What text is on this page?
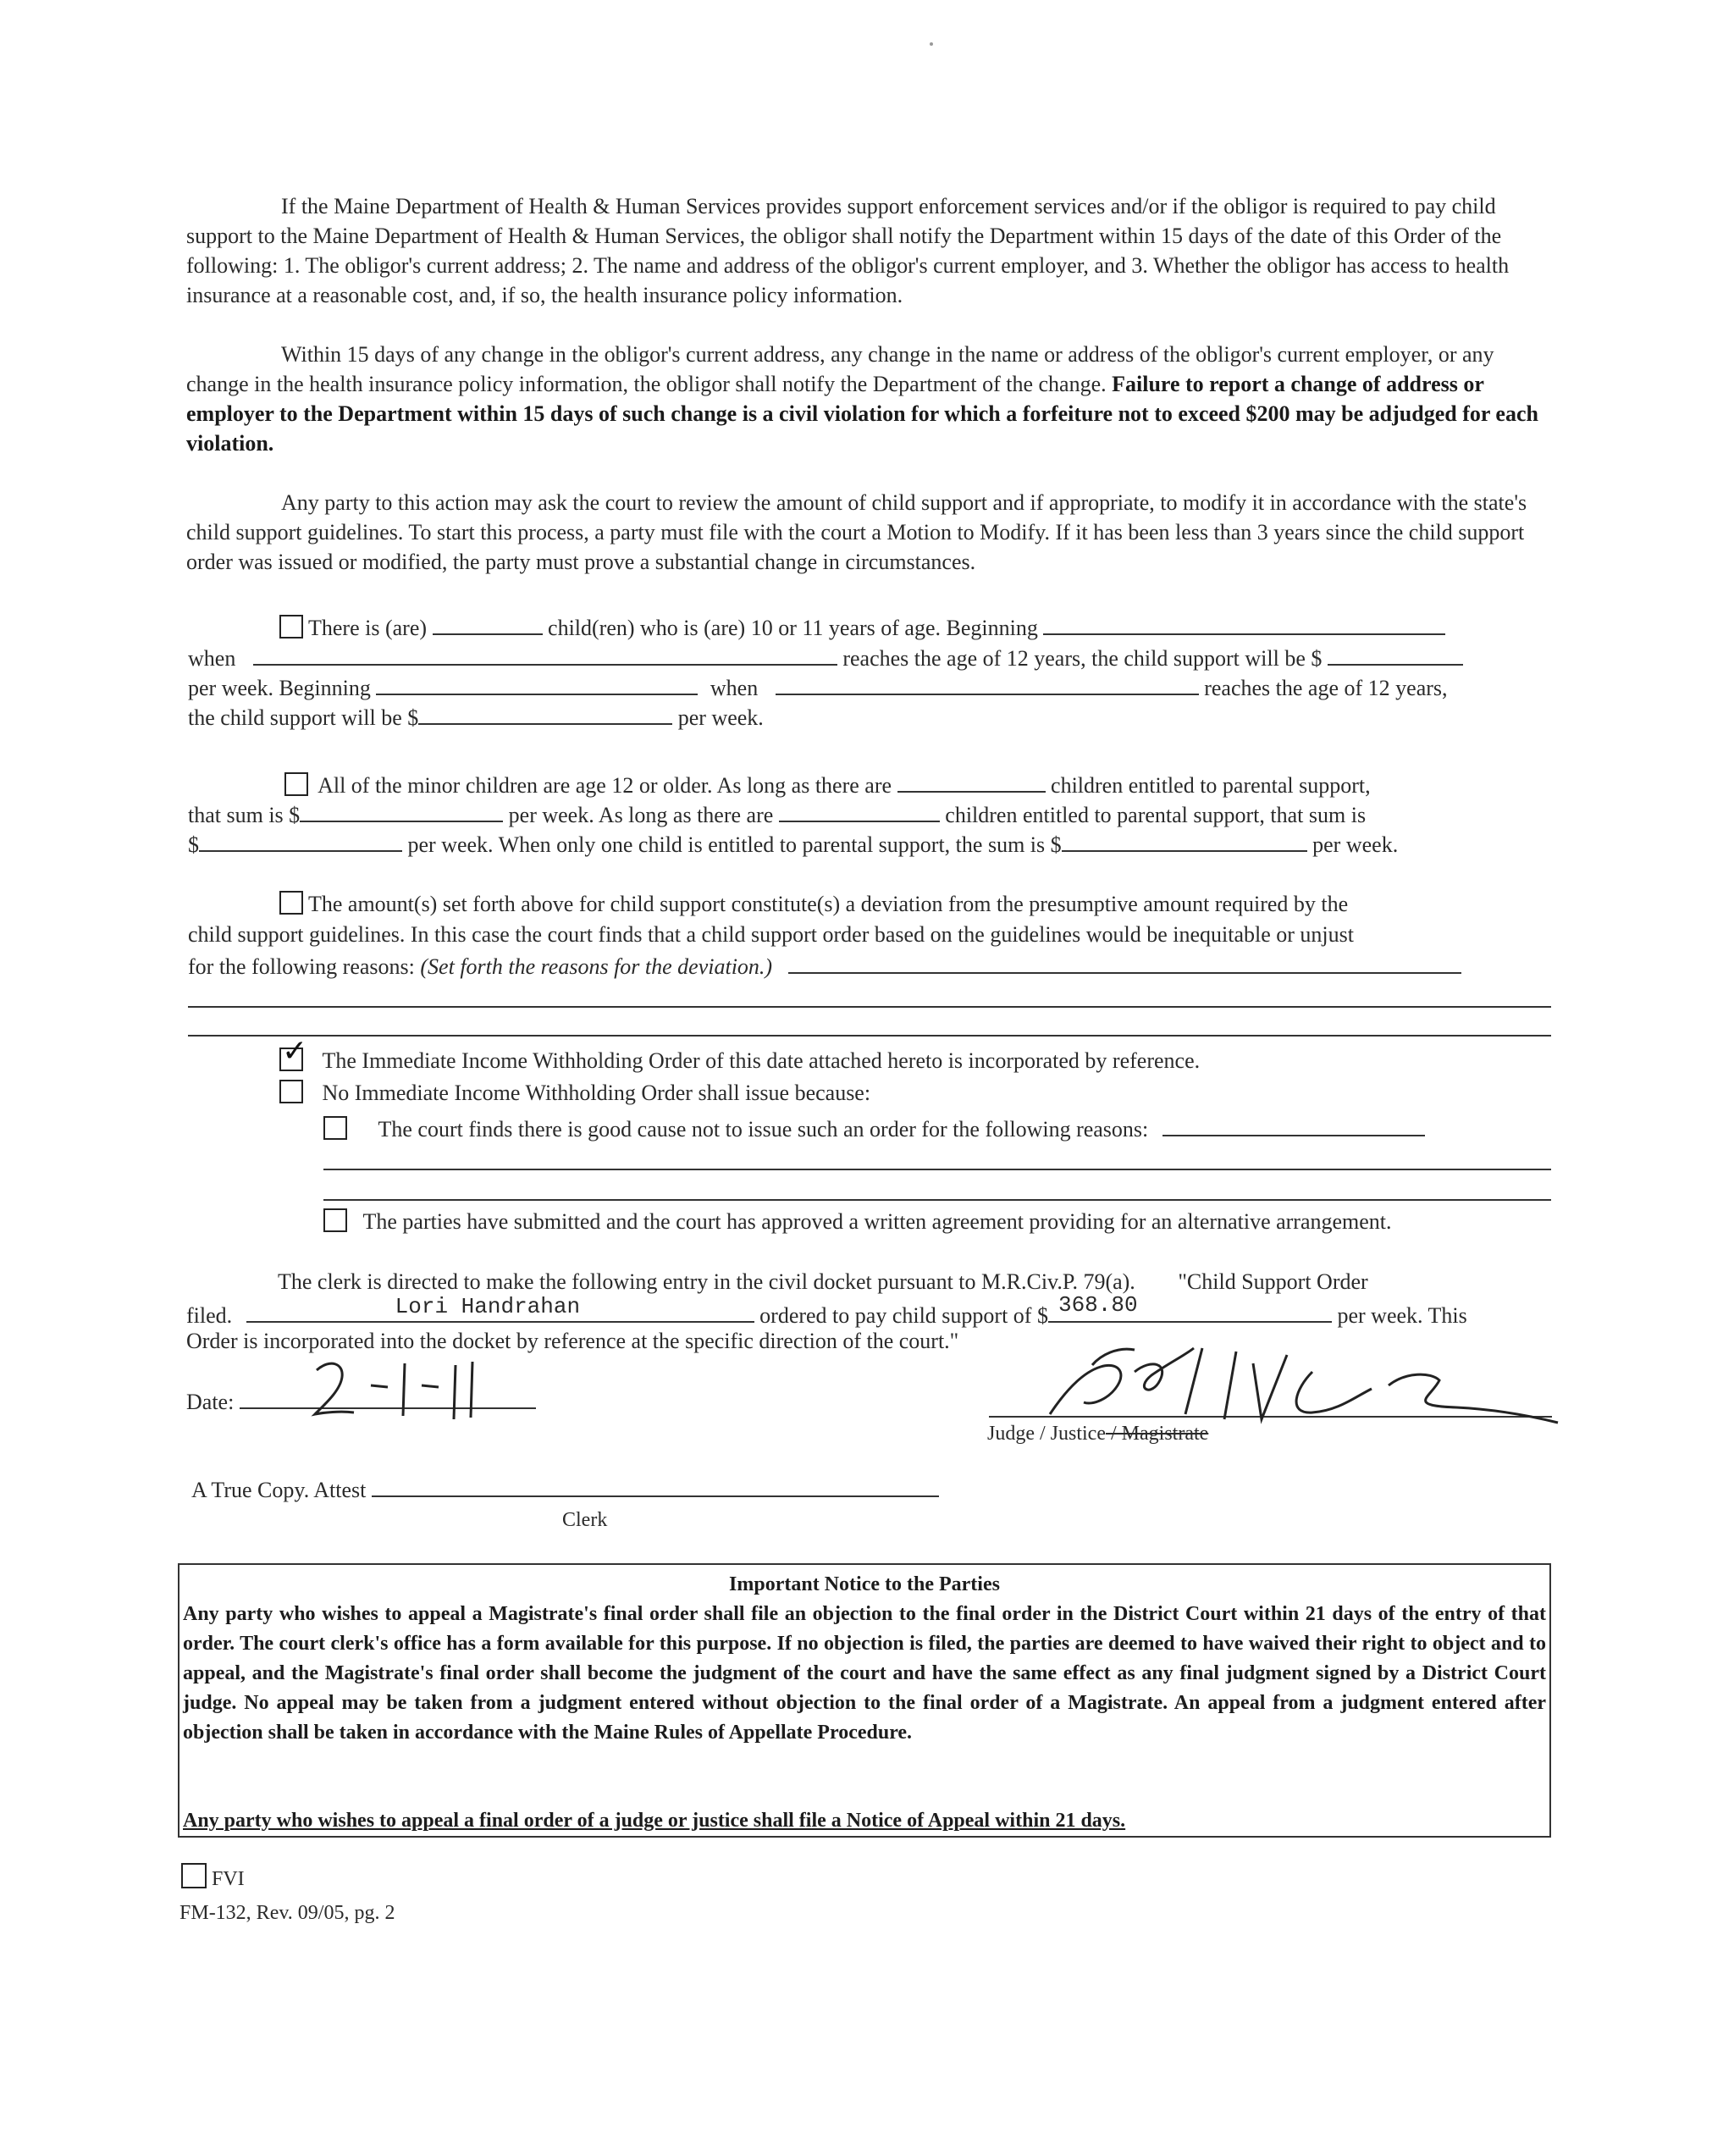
If the Maine Department of Health & Human Services provides support enforcement services and/or if the obligor is required to pay child support to the Maine Department of Health & Human Services, the obligor shall notify the Department within 15 days of the date of this Order of the following: 1. The obligor's current address; 2. The name and address of the obligor's current employer, and 3. Whether the obligor has access to health insurance at a reasonable cost, and, if so, the health insurance policy information.
Within 15 days of any change in the obligor's current address, any change in the name or address of the obligor's current employer, or any change in the health insurance policy information, the obligor shall notify the Department of the change. Failure to report a change of address or employer to the Department within 15 days of such change is a civil violation for which a forfeiture not to exceed $200 may be adjudged for each violation.
Any party to this action may ask the court to review the amount of child support and if appropriate, to modify it in accordance with the state's child support guidelines. To start this process, a party must file with the court a Motion to Modify. If it has been less than 3 years since the child support order was issued or modified, the party must prove a substantial change in circumstances.
There is (are)	child(ren) who is (are) 10 or 11 years of age. Beginning
when	reaches the age of 12 years, the child support will be $
per week. Beginning	when	reaches the age of 12 years,
the child support will be $	per week.
All of the minor children are age 12 or older. As long as there are	children entitled to parental support,
that sum is $	per week. As long as there are	children entitled to parental support, that sum is
$	per week. When only one child is entitled to parental support, the sum is $	per week.
The amount(s) set forth above for child support constitute(s) a deviation from the presumptive amount required by the
child support guidelines. In this case the court finds that a child support order based on the guidelines would be inequitable or unjust
for the following reasons: (Set forth the reasons for the deviation.)
✓ The Immediate Income Withholding Order of this date attached hereto is incorporated by reference.
No Immediate Income Withholding Order shall issue because:
The court finds there is good cause not to issue such an order for the following reasons:
The parties have submitted and the court has approved a written agreement providing for an alternative arrangement.
The clerk is directed to make the following entry in the civil docket pursuant to M.R.Civ.P. 79(a). "Child Support Order
filed.	Lori Handrahan	ordered to pay child support of $ 368.80	per week. This
Order is incorporated into the docket by reference at the specific direction of the court."
Date:
Judge / Justice / Magistrate
A True Copy. Attest
Clerk
Important Notice to the Parties

Any party who wishes to appeal a Magistrate's final order shall file an objection to the final order in the District Court within 21 days of the entry of that order. The court clerk's office has a form available for this purpose. If no objection is filed, the parties are deemed to have waived their right to object and to appeal, and the Magistrate's final order shall become the judgment of the court and have the same effect as any final judgment signed by a District Court judge. No appeal may be taken from a judgment entered without objection to the final order of a Magistrate. An appeal from a judgment entered after objection shall be taken in accordance with the Maine Rules of Appellate Procedure.

Any party who wishes to appeal a final order of a judge or justice shall file a Notice of Appeal within 21 days.
FVI
FM-132, Rev. 09/05, pg. 2
